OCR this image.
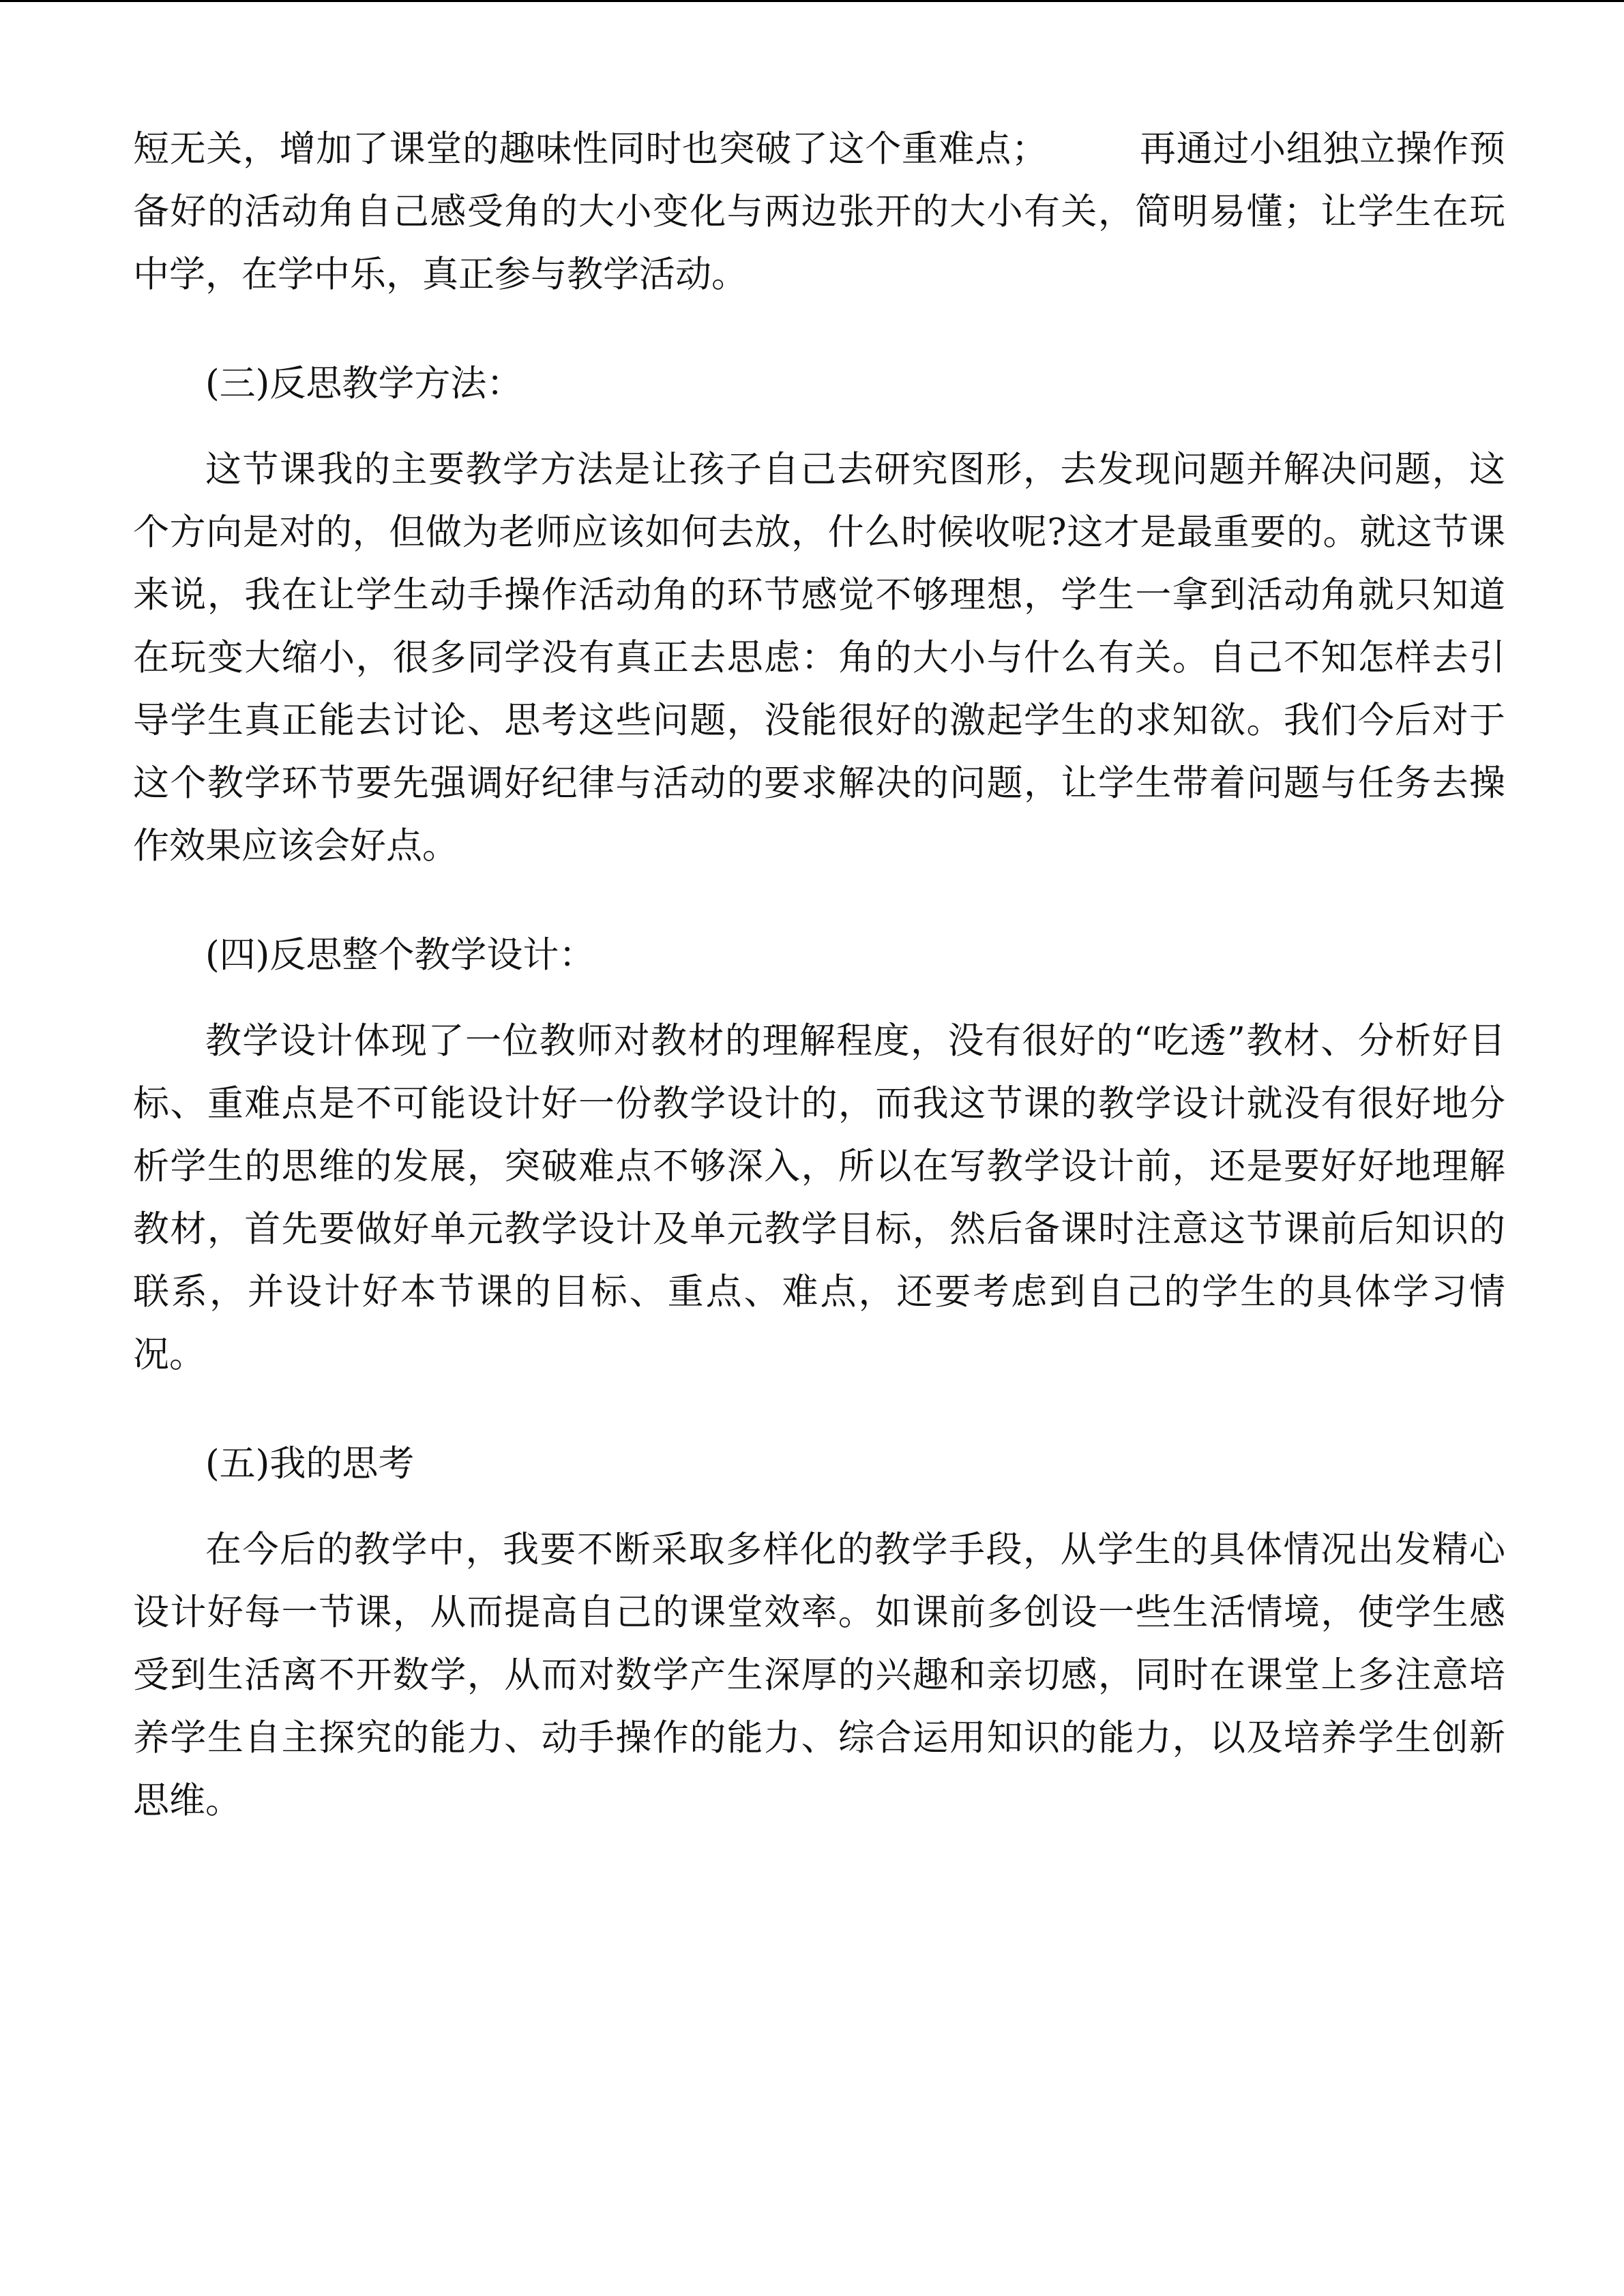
短无关，增加了课堂的趣味性同时也突破了这个重难点；　　　再通过小组独立操作预备好的活动角自己感受角的大小变化与两边张开的大小有关，简明易懂；让学生在玩中学，在学中乐，真正参与教学活动。

(三)反思教学方法：

这节课我的主要教学方法是让孩子自己去研究图形，去发现问题并解决问题，这个方向是对的，但做为老师应该如何去放，什么时候收呢?这才是最重要的。就这节课来说，我在让学生动手操作活动角的环节感觉不够理想，学生一拿到活动角就只知道在玩变大缩小，很多同学没有真正去思虑：角的大小与什么有关。自己不知怎样去引导学生真正能去讨论、思考这些问题，没能很好的激起学生的求知欲。我们今后对于这个教学环节要先强调好纪律与活动的要求解决的问题，让学生带着问题与任务去操作效果应该会好点。

(四)反思整个教学设计：

教学设计体现了一位教师对教材的理解程度，没有很好的“吃透”教材、分析好目标、重难点是不可能设计好一份教学设计的，而我这节课的教学设计就没有很好地分析学生的思维的发展，突破难点不够深入，所以在写教学设计前，还是要好好地理解教材，首先要做好单元教学设计及单元教学目标，然后备课时注意这节课前后知识的联系，并设计好本节课的目标、重点、难点，还要考虑到自己的学生的具体学习情况。

(五)我的思考

在今后的教学中，我要不断采取多样化的教学手段，从学生的具体情况出发精心设计好每一节课，从而提高自己的课堂效率。如课前多创设一些生活情境，使学生感受到生活离不开数学，从而对数学产生深厚的兴趣和亲切感，同时在课堂上多注意培养学生自主探究的能力、动手操作的能力、综合运用知识的能力，以及培养学生创新思维。
